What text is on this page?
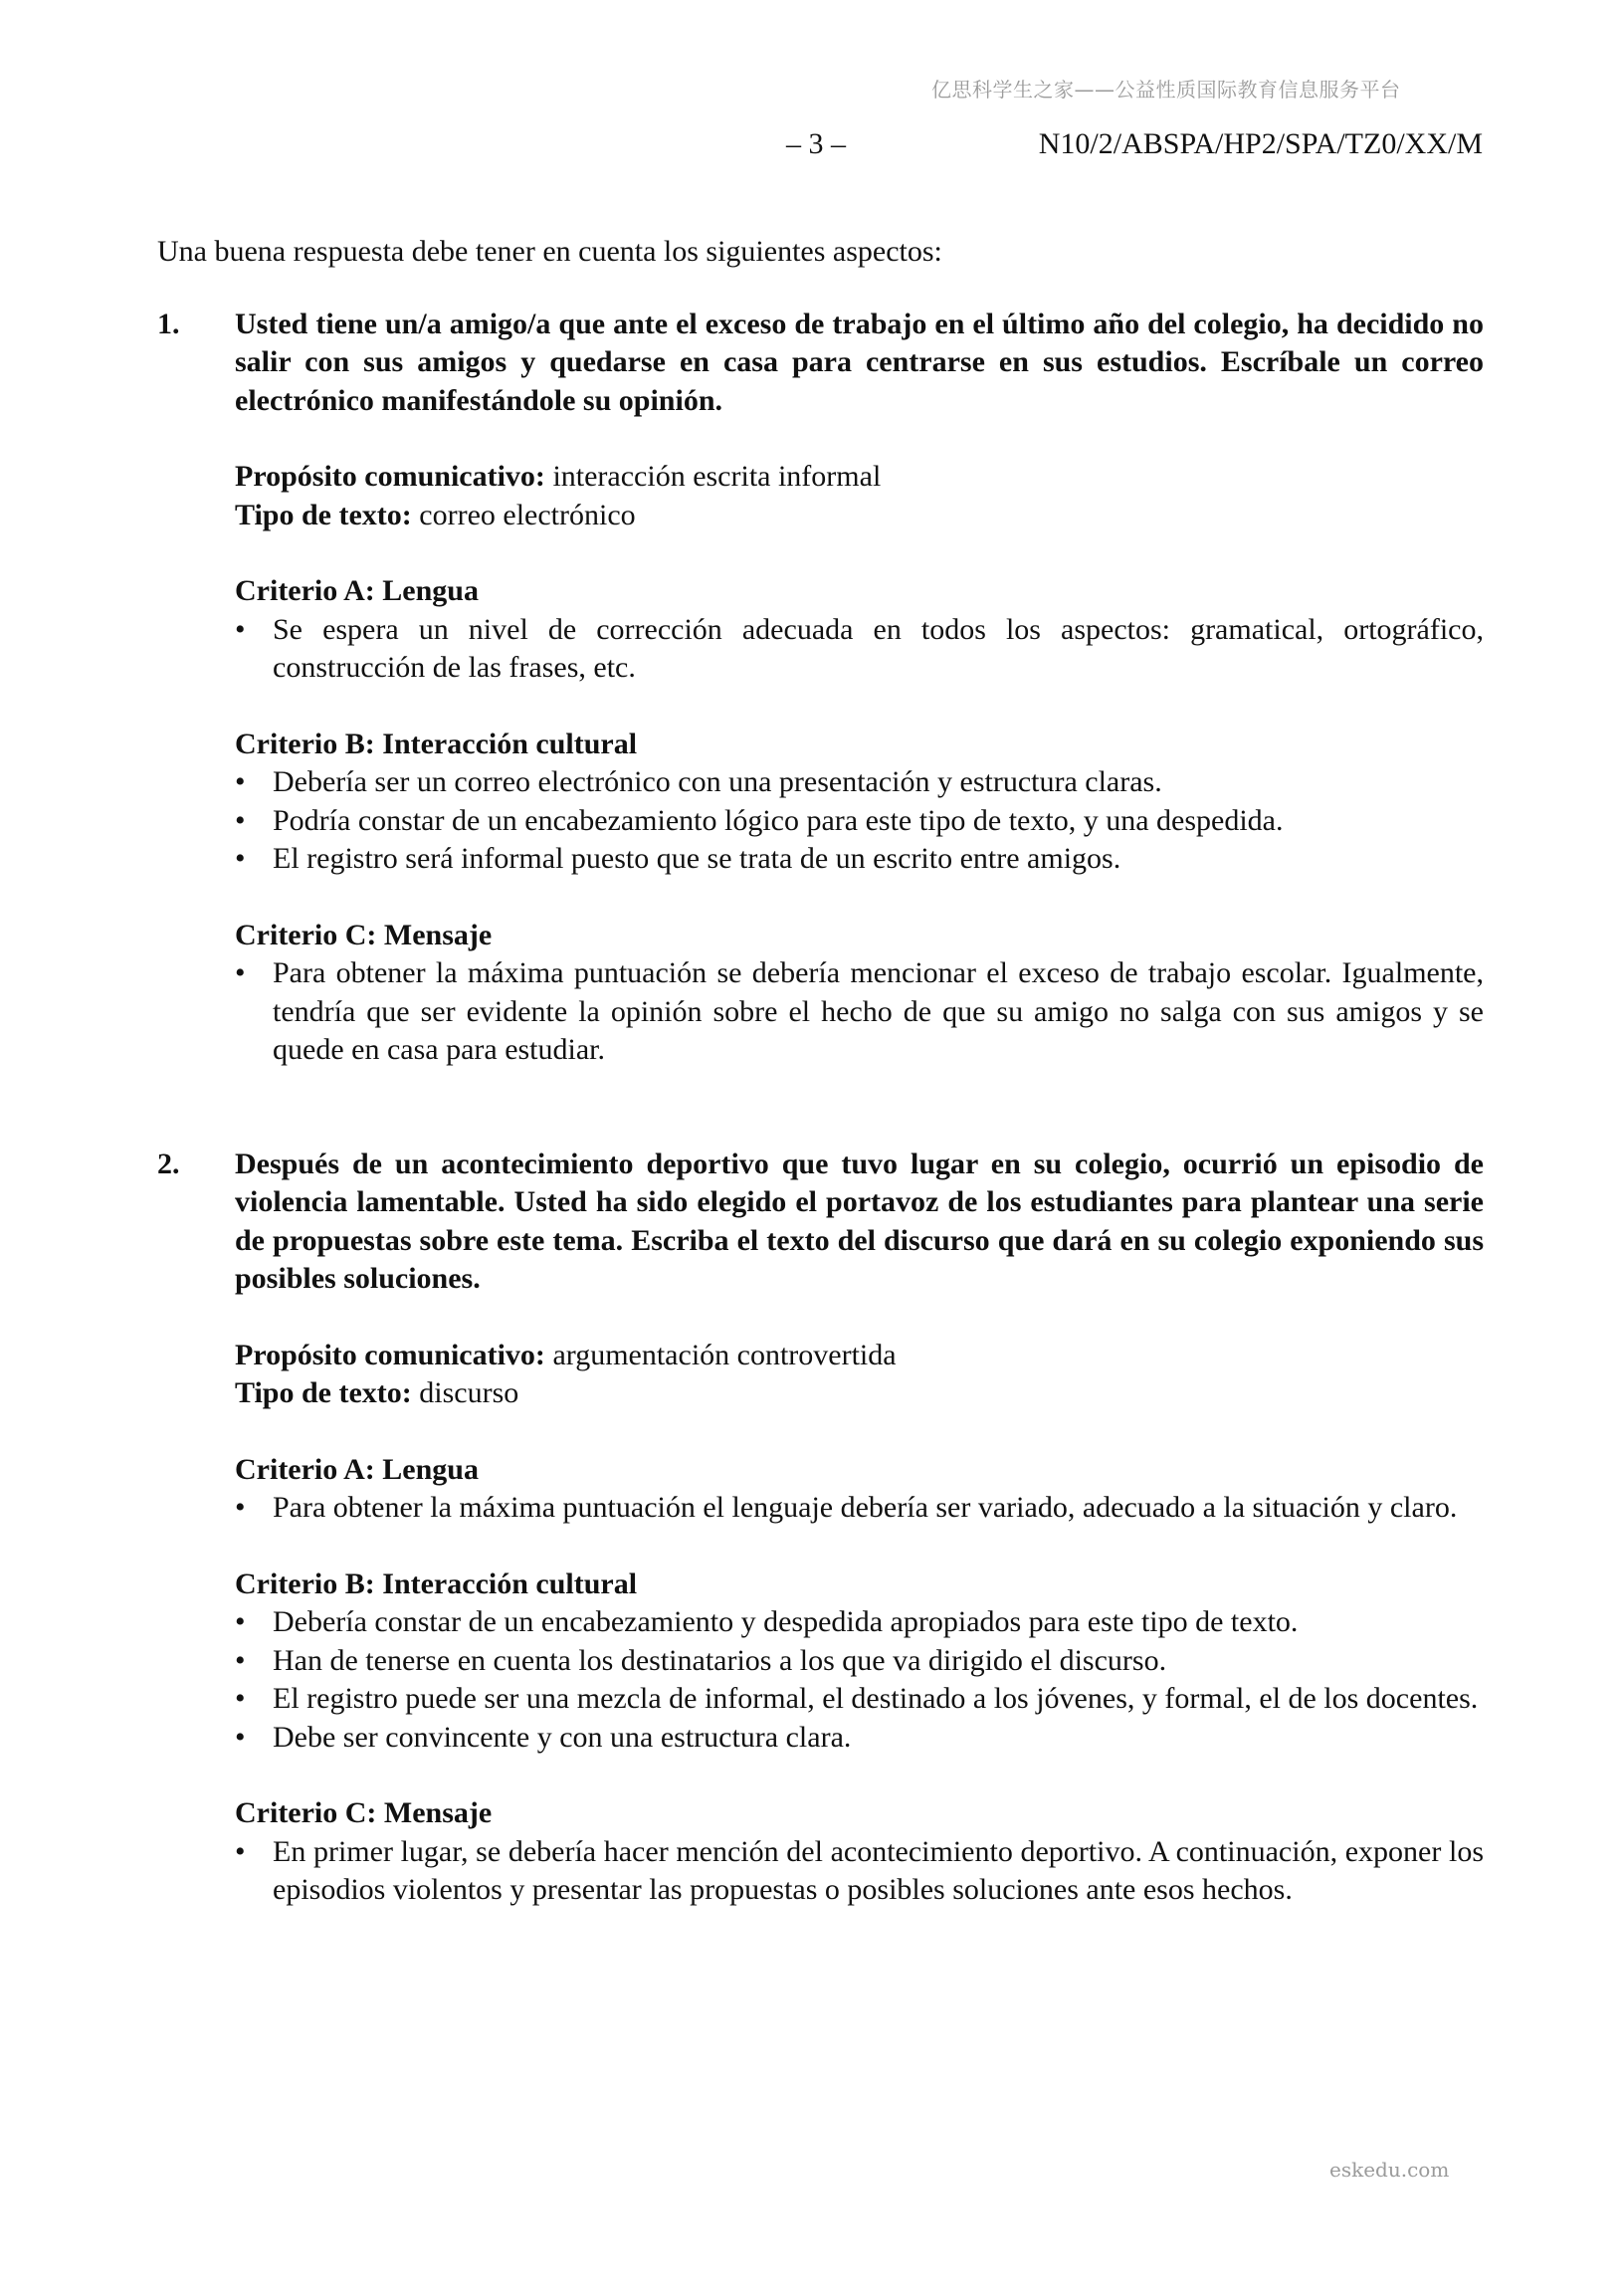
亿思科学生之家——公益性质国际教育信息服务平台
– 3 –	N10/2/ABSPA/HP2/SPA/TZ0/XX/M

Una buena respuesta debe tener en cuenta los siguientes aspectos:

1.	Usted tiene un/a amigo/a que ante el exceso de trabajo en el último año del colegio, ha decidido no salir con sus amigos y quedarse en casa para centrarse en sus estudios. Escríbale un correo electrónico manifestándole su opinión.

Propósito comunicativo: interacción escrita informal

Tipo de texto: correo electrónico

Criterio A: Lengua

• Se espera un nivel de corrección adecuada en todos los aspectos: gramatical, ortográfico, construcción de las frases, etc.

Criterio B: Interacción cultural

• Debería ser un correo electrónico con una presentación y estructura claras.
• Podría constar de un encabezamiento lógico para este tipo de texto, y una despedida.
• El registro será informal puesto que se trata de un escrito entre amigos.

Criterio C: Mensaje

• Para obtener la máxima puntuación se debería mencionar el exceso de trabajo escolar. Igualmente, tendría que ser evidente la opinión sobre el hecho de que su amigo no salga con sus amigos y se quede en casa para estudiar.
2.	Después de un acontecimiento deportivo que tuvo lugar en su colegio, ocurrió un episodio de violencia lamentable. Usted ha sido elegido el portavoz de los estudiantes para plantear una serie de propuestas sobre este tema. Escriba el texto del discurso que dará en su colegio exponiendo sus posibles soluciones.

Propósito comunicativo: argumentación controvertida

Tipo de texto: discurso

Criterio A: Lengua

• Para obtener la máxima puntuación el lenguaje debería ser variado, adecuado a la situación y claro.

Criterio B: Interacción cultural

• Debería constar de un encabezamiento y despedida apropiados para este tipo de texto.
• Han de tenerse en cuenta los destinatarios a los que va dirigido el discurso.
• El registro puede ser una mezcla de informal, el destinado a los jóvenes, y formal, el de los docentes.
• Debe ser convincente y con una estructura clara.

Criterio C: Mensaje

• En primer lugar, se debería hacer mención del acontecimiento deportivo. A continuación, exponer los episodios violentos y presentar las propuestas o posibles soluciones ante esos hechos.
eskedu.com
